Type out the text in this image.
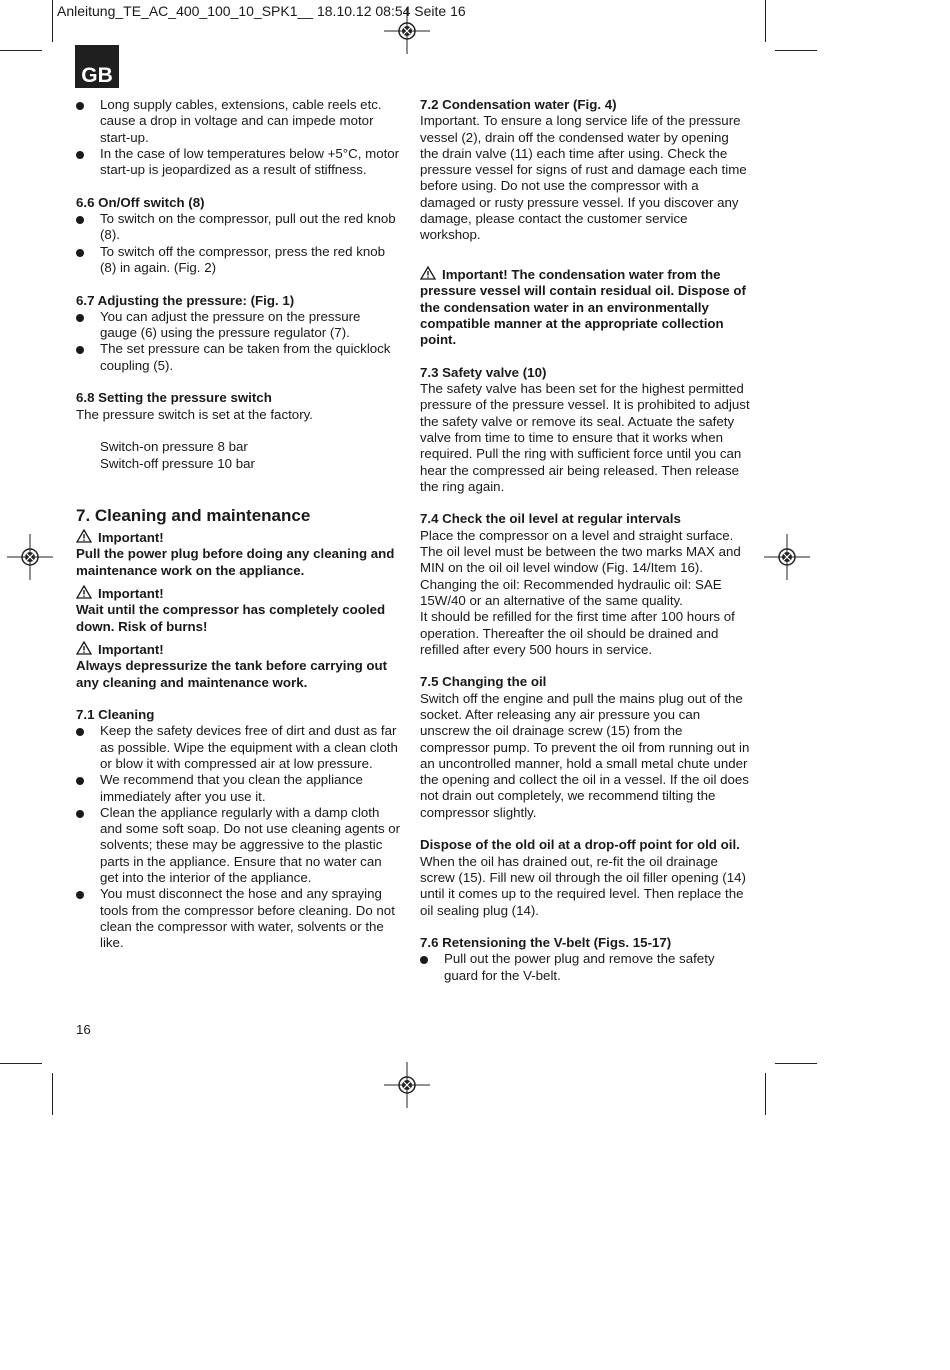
Anleitung_TE_AC_400_100_10_SPK1__ 18.10.12 08:54 Seite 16
GB
Long supply cables, extensions, cable reels etc. cause a drop in voltage and can impede motor start-up.
In the case of low temperatures below +5°C, motor start-up is jeopardized as a result of stiffness.
6.6 On/Off switch (8)
To switch on the compressor, pull out the red knob (8).
To switch off the compressor, press the red knob (8) in again. (Fig. 2)
6.7 Adjusting the pressure: (Fig. 1)
You can adjust the pressure on the pressure gauge (6) using the pressure regulator (7).
The set pressure can be taken from the quicklock coupling (5).
6.8 Setting the pressure switch

The pressure switch is set at the factory.

Switch-on pressure 8 bar
Switch-off pressure 10 bar
7. Cleaning and maintenance
Important!
Pull the power plug before doing any cleaning and maintenance work on the appliance.
Important!
Wait until the compressor has completely cooled down. Risk of burns!
Important!
Always depressurize the tank before carrying out any cleaning and maintenance work.
7.1 Cleaning
Keep the safety devices free of dirt and dust as far as possible. Wipe the equipment with a clean cloth or blow it with compressed air at low pressure.
We recommend that you clean the appliance immediately after you use it.
Clean the appliance regularly with a damp cloth and some soft soap. Do not use cleaning agents or solvents; these may be aggressive to the plastic parts in the appliance. Ensure that no water can get into the interior of the appliance.
You must disconnect the hose and any spraying tools from the compressor before cleaning. Do not clean the compressor with water, solvents or the like.
7.2 Condensation water (Fig. 4)

Important. To ensure a long service life of the pressure vessel (2), drain off the condensed water by opening the drain valve (11) each time after using. Check the pressure vessel for signs of rust and damage each time before using. Do not use the compressor with a damaged or rusty pressure vessel. If you discover any damage, please contact the customer service workshop.

Important! The condensation water from the pressure vessel will contain residual oil. Dispose of the condensation water in an environmentally compatible manner at the appropriate collection point.
7.3 Safety valve (10)

The safety valve has been set for the highest permitted pressure of the pressure vessel. It is prohibited to adjust the safety valve or remove its seal. Actuate the safety valve from time to time to ensure that it works when required. Pull the ring with sufficient force until you can hear the compressed air being released. Then release the ring again.

7.4 Check the oil level at regular intervals

Place the compressor on a level and straight surface. The oil level must be between the two marks MAX and MIN on the oil oil level window (Fig. 14/Item 16). Changing the oil: Recommended hydraulic oil: SAE 15W/40 or an alternative of the same quality.

It should be refilled for the first time after 100 hours of operation. Thereafter the oil should be drained and refilled after every 500 hours in service.

7.5 Changing the oil

Switch off the engine and pull the mains plug out of the socket. After releasing any air pressure you can unscrew the oil drainage screw (15) from the compressor pump. To prevent the oil from running out in an uncontrolled manner, hold a small metal chute under the opening and collect the oil in a vessel. If the oil does not drain out completely, we recommend tilting the compressor slightly.

Dispose of the old oil at a drop-off point for old oil.

When the oil has drained out, re-fit the oil drainage screw (15). Fill new oil through the oil filler opening (14) until it comes up to the required level. Then replace the oil sealing plug (14).

7.6 Retensioning the V-belt (Figs. 15-17)
Pull out the power plug and remove the safety guard for the V-belt.
16
